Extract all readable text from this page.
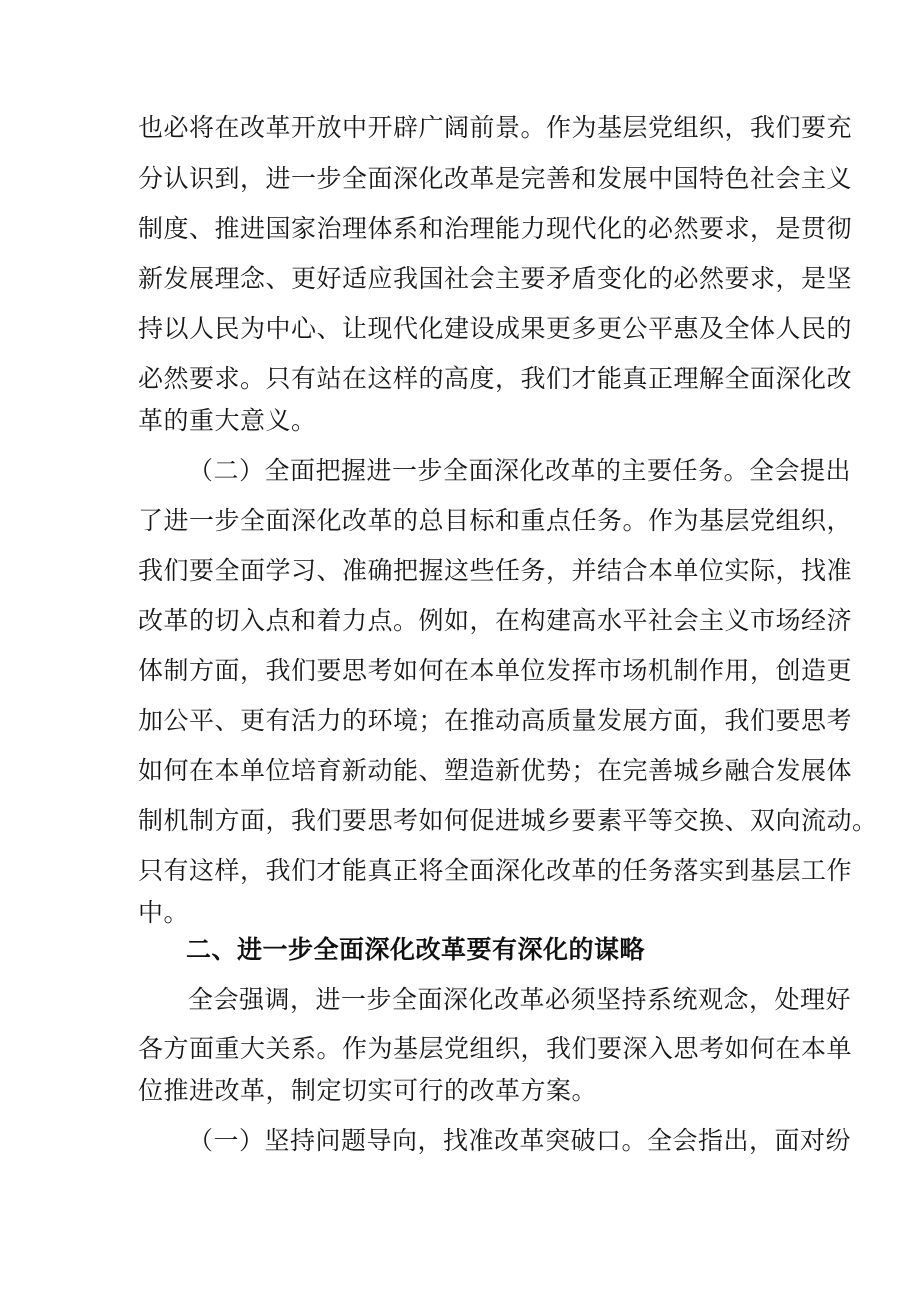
也必将在改革开放中开辟广阔前景。作为基层党组织，我们要充
分认识到，进一步全面深化改革是完善和发展中国特色社会主义
制度、推进国家治理体系和治理能力现代化的必然要求，是贯彻
新发展理念、更好适应我国社会主要矛盾变化的必然要求，是坚
持以人民为中心、让现代化建设成果更多更公平惠及全体人民的
必然要求。只有站在这样的高度，我们才能真正理解全面深化改
革的重大意义。
（二）全面把握进一步全面深化改革的主要任务。全会提出
了进一步全面深化改革的总目标和重点任务。作为基层党组织，
我们要全面学习、准确把握这些任务，并结合本单位实际，找准
改革的切入点和着力点。例如，在构建高水平社会主义市场经济
体制方面，我们要思考如何在本单位发挥市场机制作用，创造更
加公平、更有活力的环境；在推动高质量发展方面，我们要思考
如何在本单位培育新动能、塑造新优势；在完善城乡融合发展体
制机制方面，我们要思考如何促进城乡要素平等交换、双向流动。
只有这样，我们才能真正将全面深化改革的任务落实到基层工作
中。
二、进一步全面深化改革要有深化的谋略
全会强调，进一步全面深化改革必须坚持系统观念，处理好
各方面重大关系。作为基层党组织，我们要深入思考如何在本单
位推进改革，制定切实可行的改革方案。
（一）坚持问题导向，找准改革突破口。全会指出，面对纷
